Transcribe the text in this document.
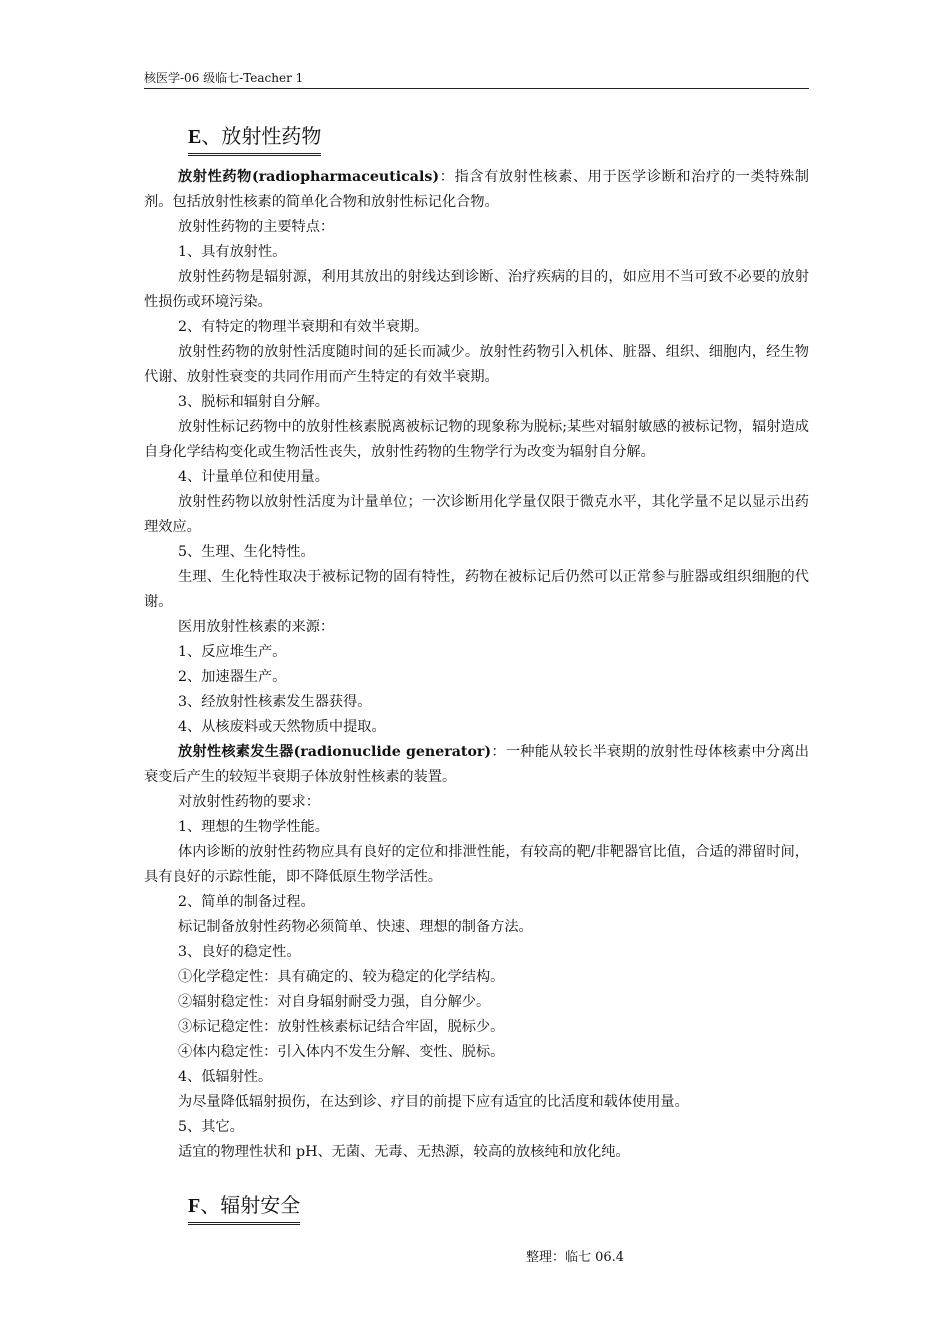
核医学-06 级临七-Teacher 1
E、放射性药物

放射性药物(radiopharmaceuticals)：指含有放射性核素、用于医学诊断和治疗的一类特殊制剂。包括放射性核素的简单化合物和放射性标记化合物。

放射性药物的主要特点：

1、具有放射性。

放射性药物是辐射源，利用其放出的射线达到诊断、治疗疾病的目的，如应用不当可致不必要的放射性损伤或环境污染。

2、有特定的物理半衰期和有效半衰期。

放射性药物的放射性活度随时间的延长而减少。放射性药物引入机体、脏器、组织、细胞内，经生物代谢、放射性衰变的共同作用而产生特定的有效半衰期。

3、脱标和辐射自分解。

放射性标记药物中的放射性核素脱离被标记物的现象称为脱标;某些对辐射敏感的被标记物，辐射造成自身化学结构变化或生物活性丧失，放射性药物的生物学行为改变为辐射自分解。

4、计量单位和使用量。

放射性药物以放射性活度为计量单位；一次诊断用化学量仅限于微克水平，其化学量不足以显示出药理效应。

5、生理、生化特性。

生理、生化特性取决于被标记物的固有特性，药物在被标记后仍然可以正常参与脏器或组织细胞的代谢。

医用放射性核素的来源：

1、反应堆生产。

2、加速器生产。

3、经放射性核素发生器获得。

4、从核废料或天然物质中提取。

放射性核素发生器(radionuclide generator)：一种能从较长半衰期的放射性母体核素中分离出衰变后产生的较短半衰期子体放射性核素的装置。

对放射性药物的要求：

1、理想的生物学性能。

体内诊断的放射性药物应具有良好的定位和排泄性能，有较高的靶/非靶器官比值，合适的滞留时间，具有良好的示踪性能，即不降低原生物学活性。

2、简单的制备过程。

标记制备放射性药物必须简单、快速、理想的制备方法。

3、良好的稳定性。

①化学稳定性：具有确定的、较为稳定的化学结构。

②辐射稳定性：对自身辐射耐受力强，自分解少。

③标记稳定性：放射性核素标记结合牢固，脱标少。

④体内稳定性：引入体内不发生分解、变性、脱标。

4、低辐射性。

为尽量降低辐射损伤，在达到诊、疗目的前提下应有适宜的比活度和载体使用量。

5、其它。

适宜的物理性状和 pH、无菌、无毒、无热源，较高的放核纯和放化纯。

F、辐射安全
整理：临七 06.4
